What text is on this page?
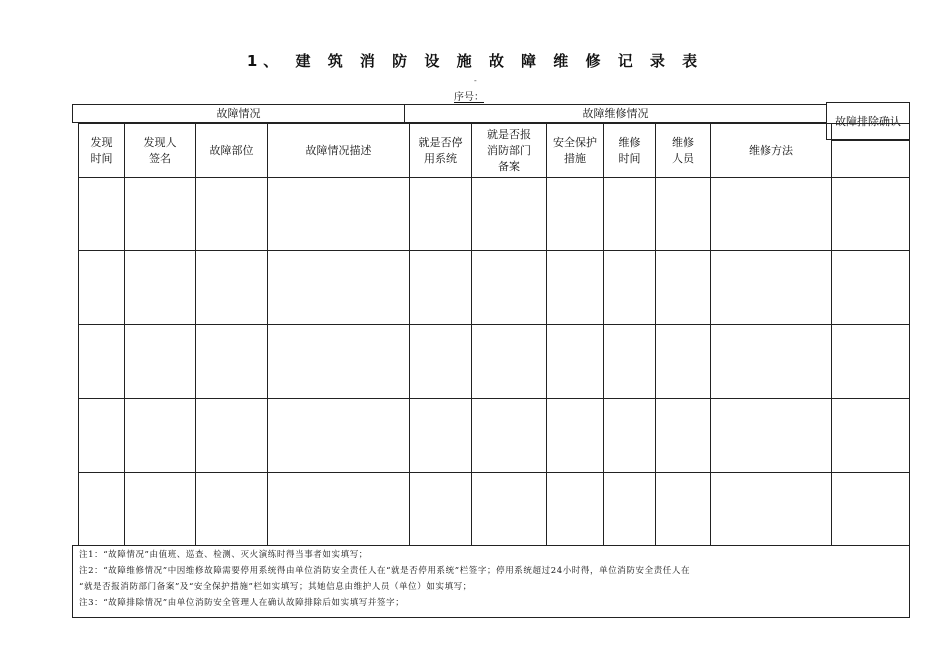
1、 建 筑 消 防 设 施 故 障 维 修 记 录 表
-
序号：
故障情况	故障维修情况
故障排除确认
发现时间
发现人签名
故障部位	故障情况描述
就是否停用系统
就是否报消防部门备案
安全保护措施
维修时间
维修人员
维修方法
注1：“故障情况”由值班、巡查、检测、灭火演练时得当事者如实填写；
注2：“故障维修情况”中因维修故障需要停用系统得由单位消防安全责任人在“就是否停用系统”栏签字；停用系统超过24小时得，单位消防安全责任人在
“就是否报消防部门备案”及“安全保护措施”栏如实填写；其她信息由维护人员（单位）如实填写；
注3：“故障排除情况”由单位消防安全管理人在确认故障排除后如实填写并签字；
